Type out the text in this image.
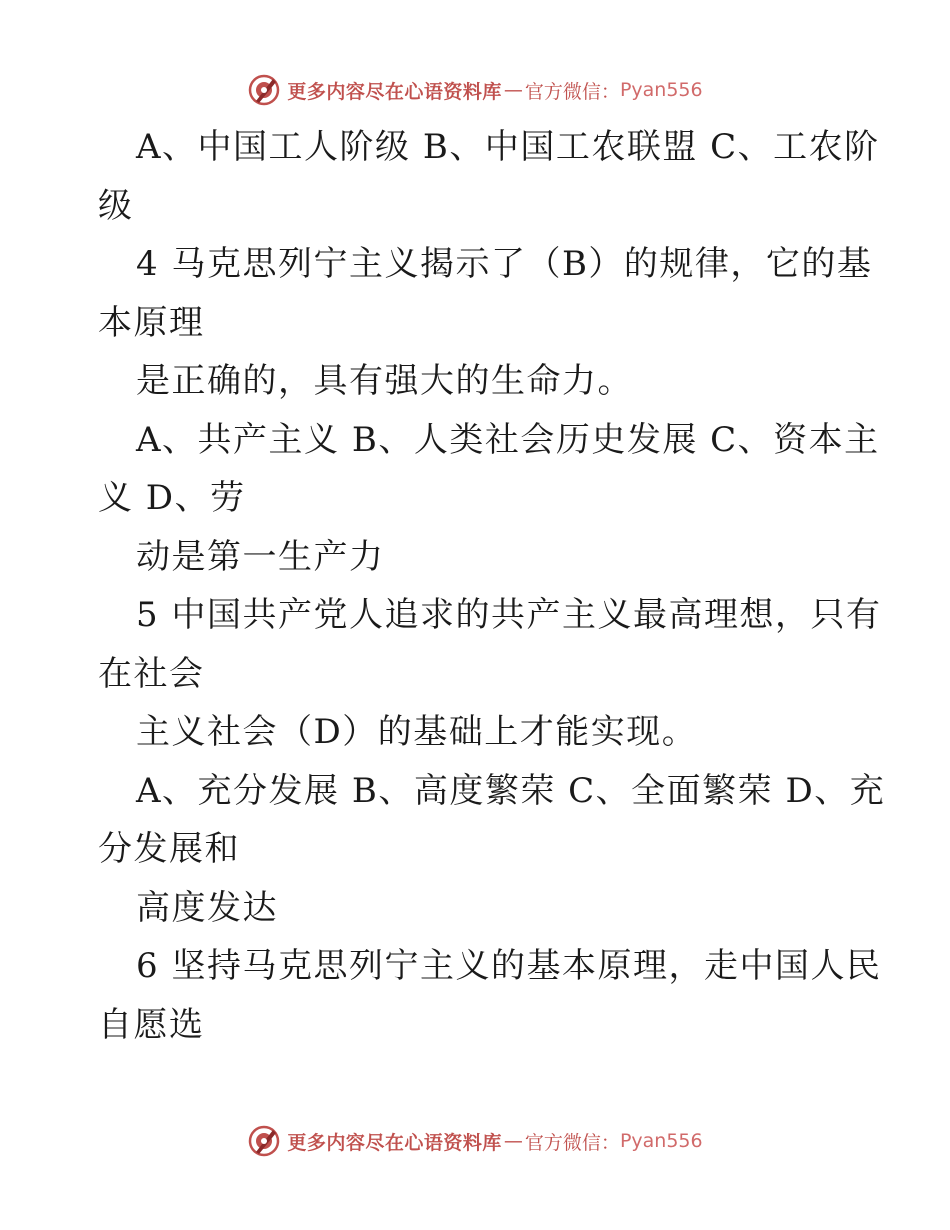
更多内容尽在心语资料库 — 官方微信： Pyan556
A、中国工人阶级 B、中国工农联盟 C、工农阶
级
4 马克思列宁主义揭示了（B）的规律，它的基
本原理
是正确的，具有强大的生命力。
A、共产主义 B、人类社会历史发展 C、资本主
义 D、劳
动是第一生产力
5 中国共产党人追求的共产主义最高理想，只有
在社会
主义社会（D）的基础上才能实现。
A、充分发展 B、高度繁荣 C、全面繁荣 D、充
分发展和
高度发达
6 坚持马克思列宁主义的基本原理，走中国人民
自愿选
更多内容尽在心语资料库 — 官方微信： Pyan556
